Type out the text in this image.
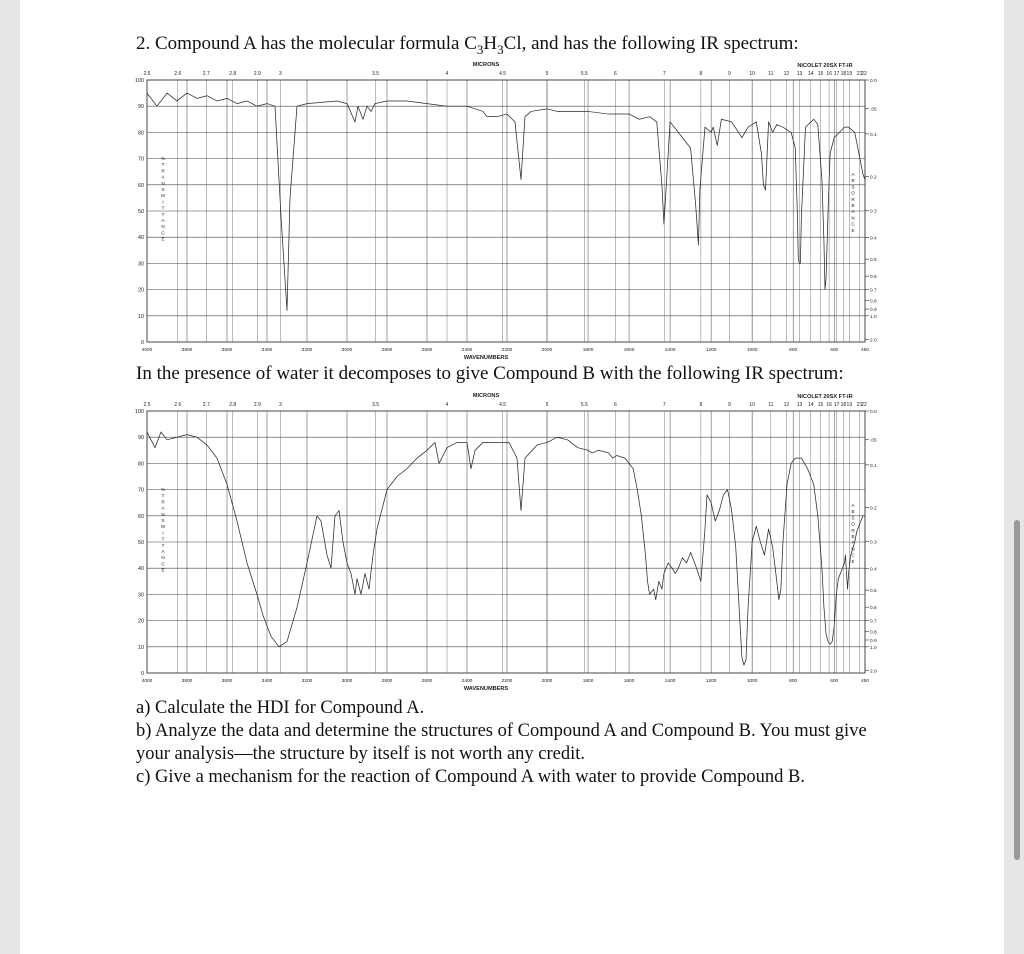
2. Compound A has the molecular formula $C_3H_3Cl$, and has the following IR spectrum:
100
90
80
70
60
50
40
30
20
10
0
4000	3800	3600	3400	3200	3000	2800	2600	2400	2200	2000	1800	1600	1400	1200	1000	800	600	450
2.5	2.6	2.7	2.8	2.9	3	3.5	4	4.5	5	5.5	6	7	8	9	10	11 12 13 14 15 16 17 18 19 21
22
0.0
.05
0.1
0.2
0.3
0.4
0.5
0.6
0.7
0.8
0.9
1.0
2.0
MICRONS	NICOLET 20SX FT-IR
WAVENUMBERS
% T R A N S M I T T A N C E
A B S O R B A N C E
In the presence of water it decomposes to give Compound B with the following IR spectrum:
100
90
80
70
60
50
40
30
20
10
0
4000	3800	3600	3400	3200	3000	2800	2600	2400	2200	2000	1800	1600	1400	1200	1000	800	600	450
2.5	2.6	2.7	2.8	2.9	3	3.5	4	4.5	5	5.5	6	7	8	9	10	11 12 13 14 15 16 17 18 19 21
22
0.0
.05
0.1
0.2
0.3
0.4
0.5
0.6
0.7
0.8
0.9
1.0
2.0
MICRONS	NICOLET 20SX FT-IR
WAVENUMBERS
% T R A N S M I T T A N C E
A B S O R B A N C E
a) Calculate the HDI for Compound A.
b) Analyze the data and determine the structures of Compound A and Compound B. You must give your analysis—the structure by itself is not worth any credit.
c) Give a mechanism for the reaction of Compound A with water to provide Compound B.
